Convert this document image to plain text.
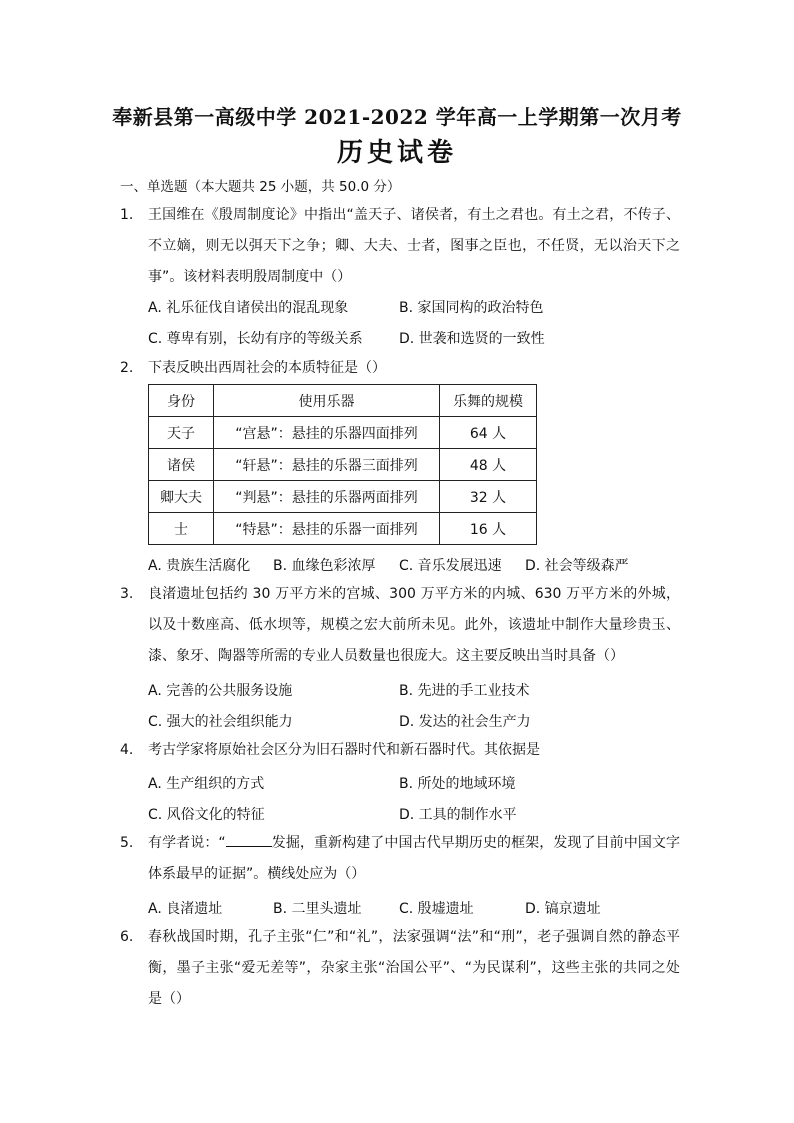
奉新县第一高级中学 2021-2022 学年高一上学期第一次月考
历史试卷
一、单选题（本大题共 25 小题，共 50.0 分）
1.	王国维在《殷周制度论》中指出“盖天子、诸侯者，有土之君也。有土之君，不传子、不立嫡，则无以弭天下之争；卿、大夫、士者，图事之臣也，不任贤，无以治天下之事”。该材料表明殷周制度中（）
A. 礼乐征伐自诸侯出的混乱现象	B. 家国同构的政治特色
C. 尊卑有别，长幼有序的等级关系	D. 世袭和选贤的一致性
2.	下表反映出西周社会的本质特征是（）
身份	使用乐器	乐舞的规模
天子	“宫悬”：悬挂的乐器四面排列	64 人
诸侯	“轩悬”：悬挂的乐器三面排列	48 人
卿大夫	“判悬”：悬挂的乐器两面排列	32 人
士	“特悬”：悬挂的乐器一面排列	16 人
A. 贵族生活腐化 B. 血缘色彩浓厚 C. 音乐发展迅速 D. 社会等级森严
3.	良渚遗址包括约 30 万平方米的宫城、300 万平方米的内城、630 万平方米的外城，以及十数座高、低水坝等，规模之宏大前所未见。此外，该遗址中制作大量珍贵玉、漆、象牙、陶器等所需的专业人员数量也很庞大。这主要反映出当时具备（）
A. 完善的公共服务设施	B. 先进的手工业技术
C. 强大的社会组织能力	D. 发达的社会生产力
4.	考古学家将原始社会区分为旧石器时代和新石器时代。其依据是
A. 生产组织的方式	B. 所处的地域环境
C. 风俗文化的特征	D. 工具的制作水平
5.	有学者说：“	发掘，重新构建了中国古代早期历史的框架，发现了目前中国文字体系最早的证据”。横线处应为（）
A. 良渚遗址	B. 二里头遗址	C. 殷墟遗址	D. 镐京遗址
6.	春秋战国时期，孔子主张“仁”和“礼”，法家强调“法”和“刑”，老子强调自然的静态平衡，墨子主张“爱无差等”，杂家主张“治国公平”、“为民谋利”，这些主张的共同之处是（）
